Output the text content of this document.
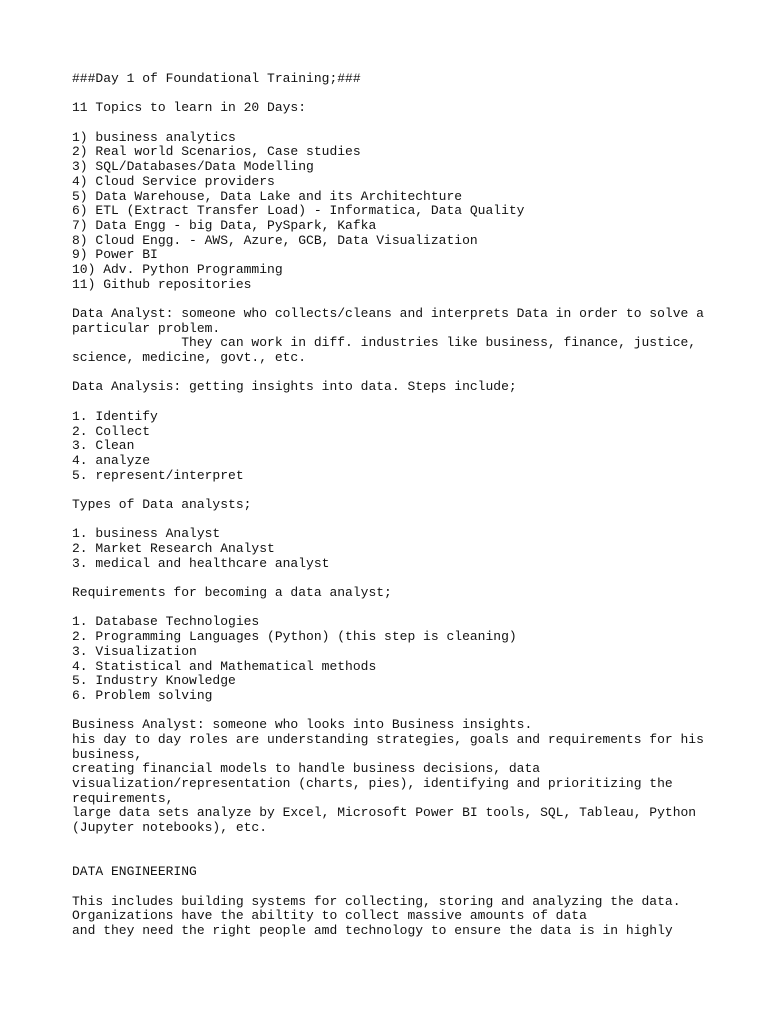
###Day 1 of Foundational Training;###
11 Topics to learn in 20 Days:
1) business analytics
2) Real world Scenarios, Case studies
3) SQL/Databases/Data Modelling
4) Cloud Service providers
5) Data Warehouse, Data Lake and its Architechture
6) ETL (Extract Transfer Load) - Informatica, Data Quality
7) Data Engg - big Data, PySpark, Kafka
8) Cloud Engg. - AWS, Azure, GCB, Data Visualization
9) Power BI
10) Adv. Python Programming
11) Github repositories
Data Analyst: someone who collects/cleans and interprets Data in order to solve a
particular problem.
They can work in diff. industries like business, finance, justice,
science, medicine, govt., etc.
Data Analysis: getting insights into data. Steps include;
1. Identify
2. Collect
3. Clean
4. analyze
5. represent/interpret
Types of Data analysts;
1. business Analyst
2. Market Research Analyst
3. medical and healthcare analyst
Requirements for becoming a data analyst;
1. Database Technologies
2. Programming Languages (Python) (this step is cleaning)
3. Visualization
4. Statistical and Mathematical methods
5. Industry Knowledge
6. Problem solving
Business Analyst: someone who looks into Business insights.
his day to day roles are understanding strategies, goals and requirements for his
business,
creating financial models to handle business decisions, data
visualization/representation (charts, pies), identifying and prioritizing the
requirements,
large data sets analyze by Excel, Microsoft Power BI tools, SQL, Tableau, Python
(Jupyter notebooks), etc.
DATA ENGINEERING
This includes building systems for collecting, storing and analyzing the data.
Organizations have the abiltity to collect massive amounts of data
and they need the right people amd technology to ensure the data is in highly
